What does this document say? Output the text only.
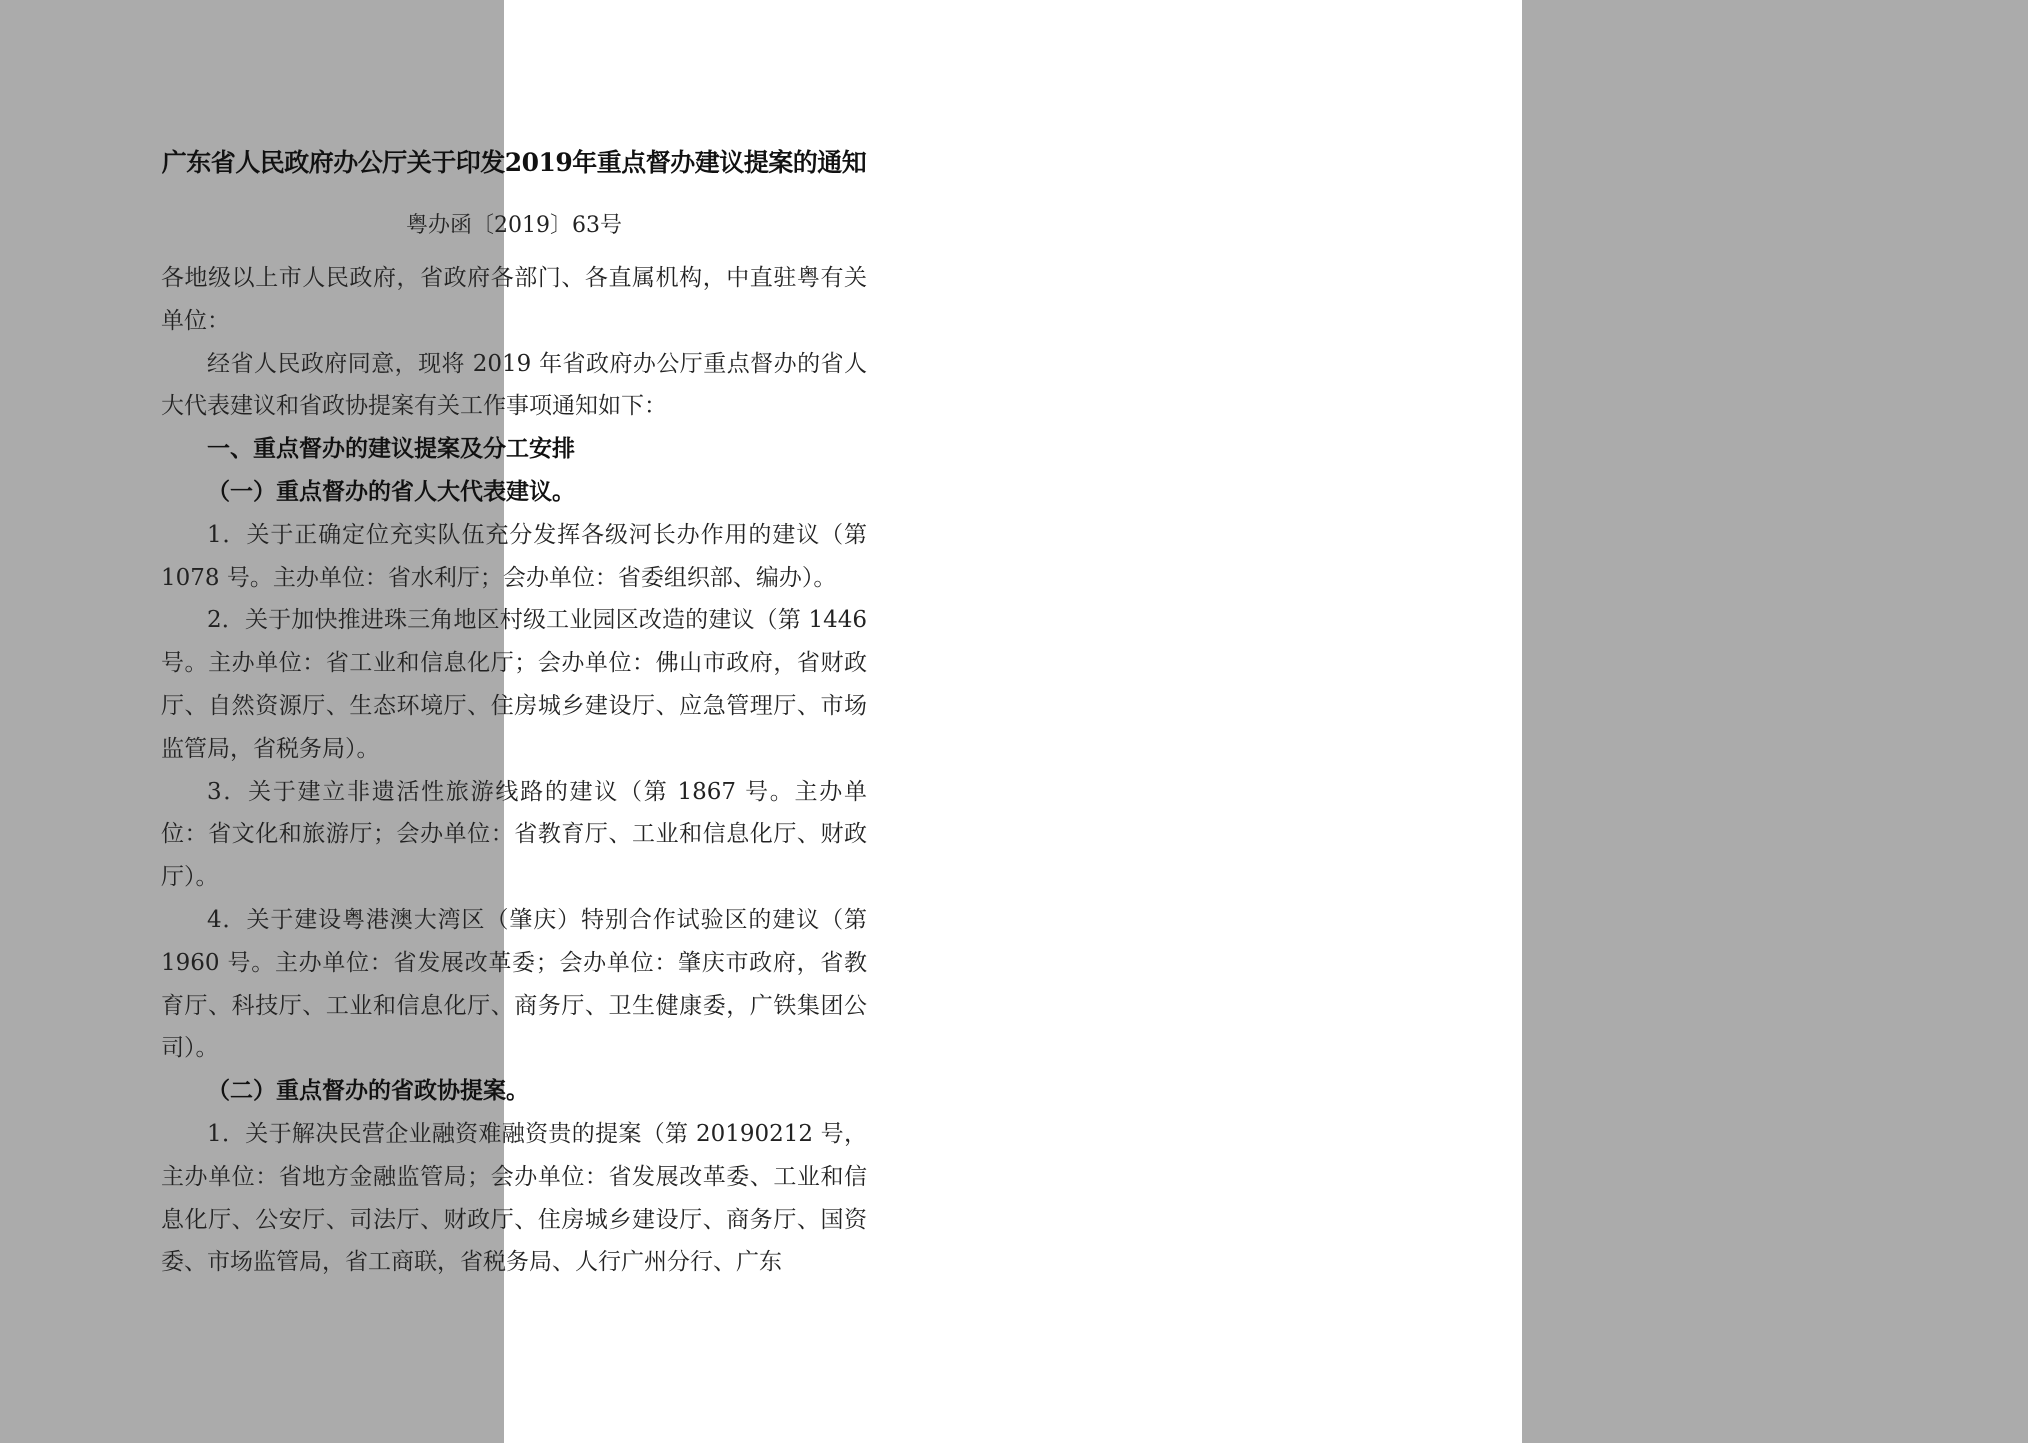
广东省人民政府办公厅关于印发2019年重点督办建议提案的通知
粤办函〔2019〕63号

各地级以上市人民政府，省政府各部门、各直属机构，中直驻粤有关单位：

经省人民政府同意，现将 2019 年省政府办公厅重点督办的省人大代表建议和省政协提案有关工作事项通知如下：

一、重点督办的建议提案及分工安排

（一）重点督办的省人大代表建议。

1．关于正确定位充实队伍充分发挥各级河长办作用的建议（第 1078 号。主办单位：省水利厅；会办单位：省委组织部、编办）。

2．关于加快推进珠三角地区村级工业园区改造的建议（第 1446 号。主办单位：省工业和信息化厅；会办单位：佛山市政府，省财政厅、自然资源厅、生态环境厅、住房城乡建设厅、应急管理厅、市场监管局，省税务局）。

3．关于建立非遗活性旅游线路的建议（第 1867 号。主办单位：省文化和旅游厅；会办单位：省教育厅、工业和信息化厅、财政厅）。

4．关于建设粤港澳大湾区（肇庆）特别合作试验区的建议（第 1960 号。主办单位：省发展改革委；会办单位：肇庆市政府，省教育厅、科技厅、工业和信息化厅、商务厅、卫生健康委，广铁集团公司）。

（二）重点督办的省政协提案。

1．关于解决民营企业融资难融资贵的提案（第 20190212 号，主办单位：省地方金融监管局；会办单位：省发展改革委、工业和信息化厅、公安厅、司法厅、财政厅、住房城乡建设厅、商务厅、国资委、市场监管局，省工商联，省税务局、人行广州分行、广东
